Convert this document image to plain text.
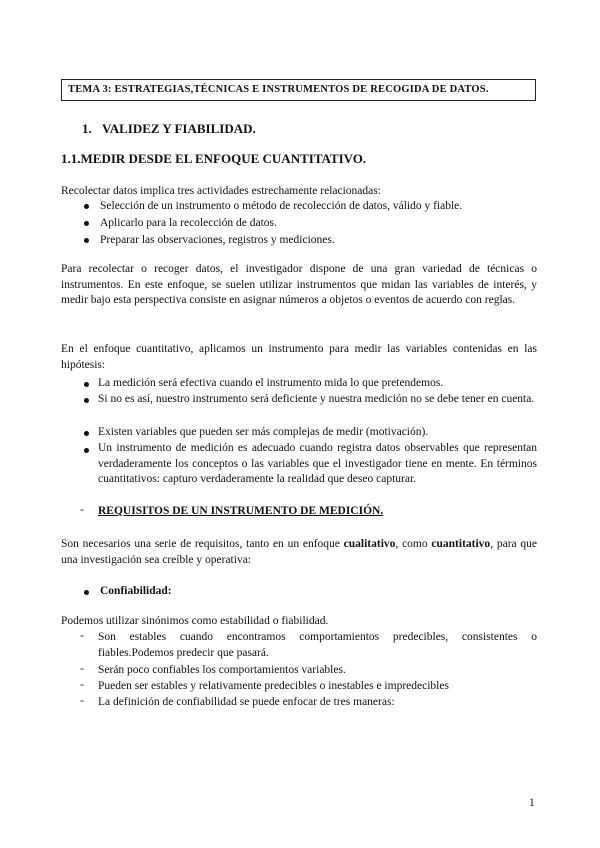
TEMA 3: ESTRATEGIAS,TÉCNICAS E INSTRUMENTOS DE RECOGIDA DE DATOS.
1. VALIDEZ Y FIABILIDAD.
1.1.MEDIR DESDE EL ENFOQUE CUANTITATIVO.
Recolectar datos implica tres actividades estrechamente relacionadas:
Selección de un instrumento o método de recolección de datos, válido y fiable.
Aplicarlo para la recolección de datos.
Preparar las observaciones, registros y mediciones.
Para recolectar o recoger datos, el investigador dispone de una gran variedad de técnicas o instrumentos. En este enfoque, se suelen utilizar instrumentos que midan las variables de interés, y medir bajo esta perspectiva consiste en asignar números a objetos o eventos de acuerdo con reglas.
En el enfoque cuantitativo, aplicamos un instrumento para medir las variables contenidas en las hipótesis:
La medición será efectiva cuando el instrumento mida lo que pretendemos.
Si no es así, nuestro instrumento será deficiente y nuestra medición no se debe tener en cuenta.
Existen variables que pueden ser más complejas de medir (motivación).
Un instrumento de medición es adecuado cuando registra datos observables que representan verdaderamente los conceptos o las variables que el investigador tiene en mente. En términos cuantitativos: capturo verdaderamente la realidad que deseo capturar.
- REQUISITOS DE UN INSTRUMENTO DE MEDICIÓN.
Son necesarios una serie de requisitos, tanto en un enfoque cualitativo, como cuantitativo, para que una investigación sea creíble y operativa:
Confiabilidad:
Podemos utilizar sinónimos como estabilidad o fiabilidad.
- Son estables cuando encontramos comportamientos predecibles, consistentes o fiables.Podemos predecir que pasará.
- Serán poco confiables los comportamientos variables.
- Pueden ser estables y relativamente predecibles o inestables e impredecibles
- La definición de confiabilidad se puede enfocar de tres maneras:
1
